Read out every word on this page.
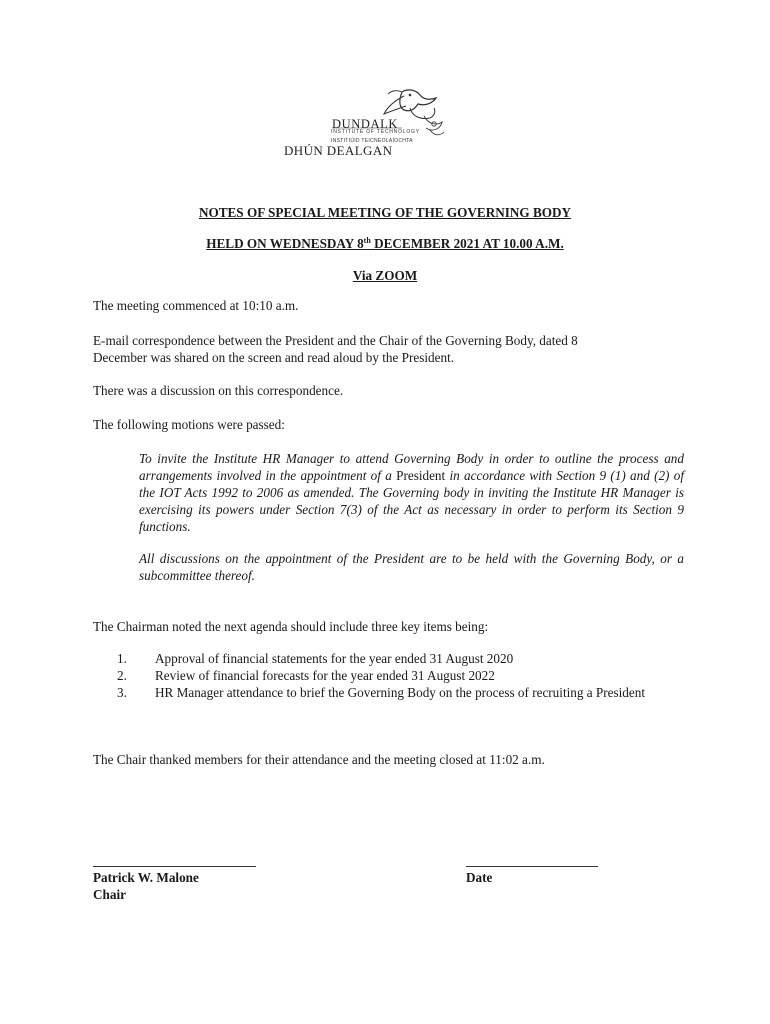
DUNDALK
INSTITUTE OF TECHNOLOGY
INSTITIÚID TEICNEOLAÍOCHTA
DHÚN DEALGAN
NOTES OF SPECIAL MEETING OF THE GOVERNING BODY
HELD ON WEDNESDAY 8th DECEMBER 2021 AT 10.00 A.M.
Via ZOOM
The meeting commenced at 10:10 a.m.
E-mail correspondence between the President and the Chair of the Governing Body, dated 8
December was shared on the screen and read aloud by the President.
There was a discussion on this correspondence.
The following motions were passed:
To invite the Institute HR Manager to attend Governing Body in order to outline the process and arrangements involved in the appointment of a President in accordance with Section 9 (1) and (2) of the IOT Acts 1992 to 2006 as amended. The Governing body in inviting the Institute HR Manager is exercising its powers under Section 7(3) of the Act as necessary in order to perform its Section 9 functions.
All discussions on the appointment of the President are to be held with the Governing Body, or a subcommittee thereof.
The Chairman noted the next agenda should include three key items being:
1. Approval of financial statements for the year ended 31 August 2020
2. Review of financial forecasts for the year ended 31 August 2022
3. HR Manager attendance to brief the Governing Body on the process of recruiting a President
The Chair thanked members for their attendance and the meeting closed at 11:02 a.m.
Patrick W. Malone
Chair
Date
